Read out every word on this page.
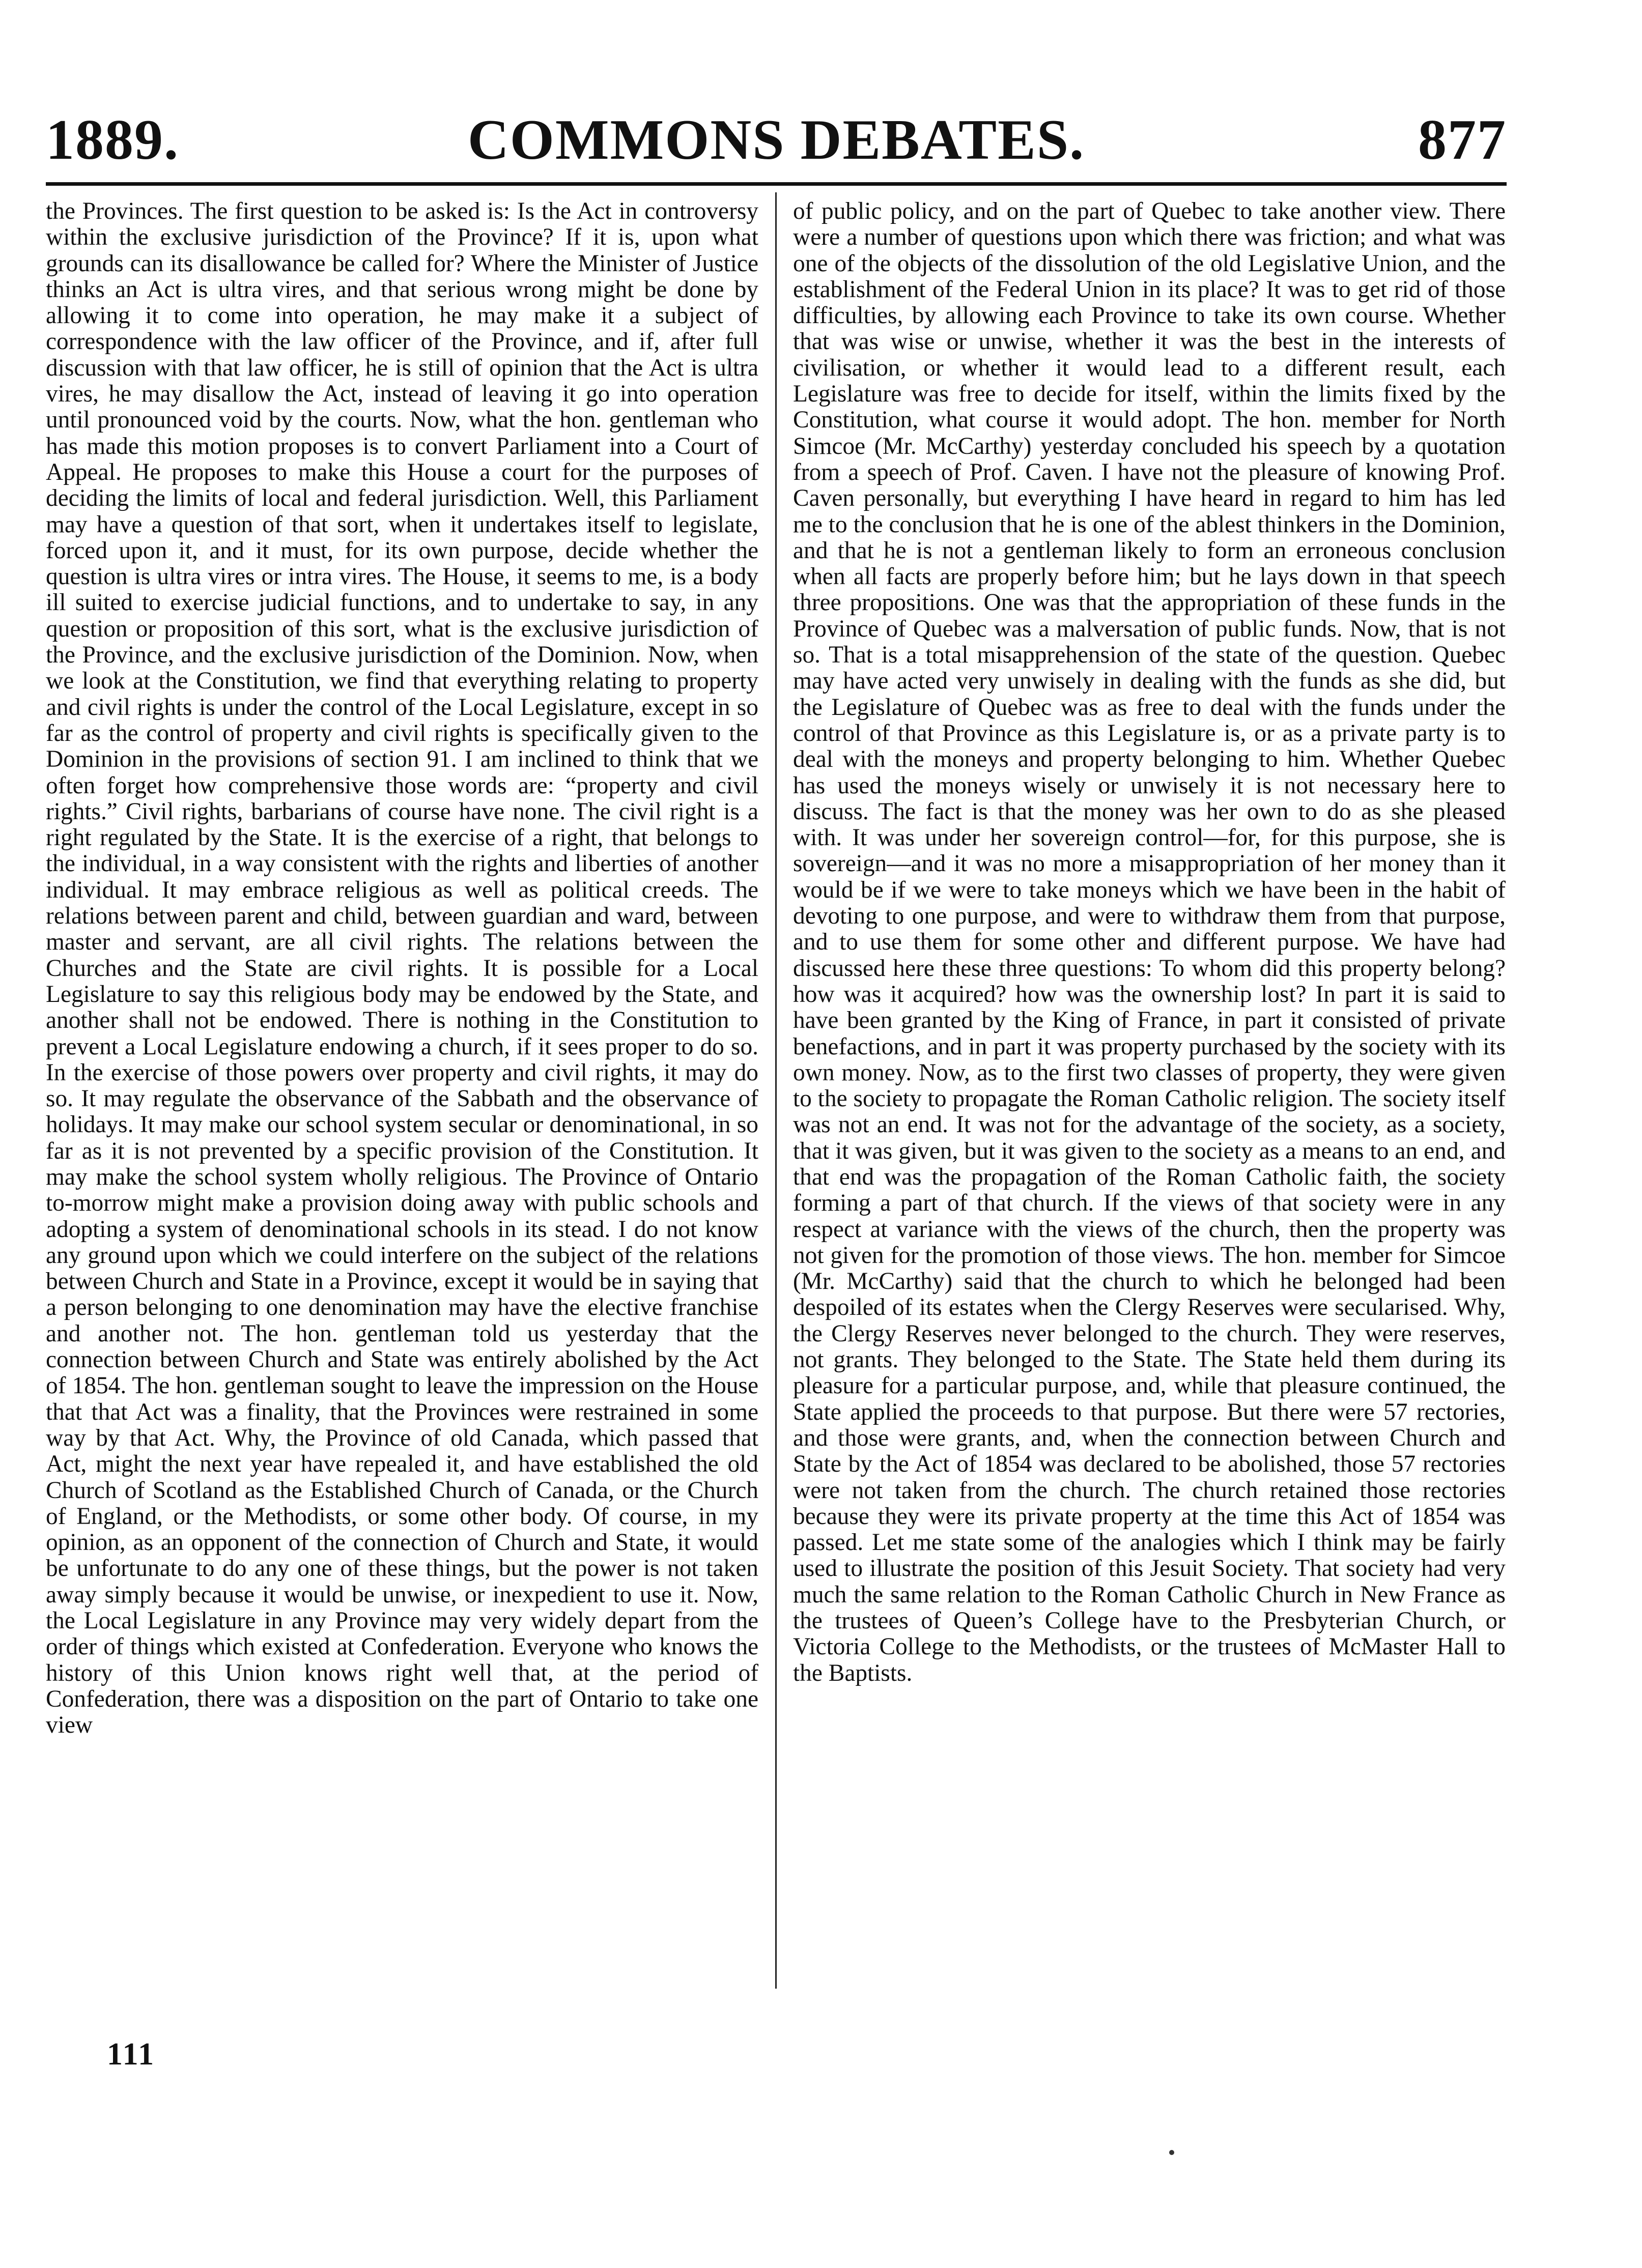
1889.	COMMONS DEBATES.	877

the Provinces. The first question to be asked is: Is the Act in controversy within the exclusive jurisdiction of the Province? If it is, upon what grounds can its disallowance be called for? Where the Minister of Justice thinks an Act is ultra vires, and that serious wrong might be done by allowing it to come into operation, he may make it a subject of correspondence with the law officer of the Province, and if, after full discussion with that law officer, he is still of opinion that the Act is ultra vires, he may disallow the Act, instead of leaving it go into operation until pronounced void by the courts. Now, what the hon. gentleman who has made this motion proposes is to convert Parliament into a Court of Appeal. He proposes to make this House a court for the purposes of deciding the limits of local and federal jurisdiction. Well, this Parliament may have a question of that sort, when it undertakes itself to legislate, forced upon it, and it must, for its own purpose, decide whether the question is ultra vires or intra vires. The House, it seems to me, is a body ill suited to exercise judicial functions, and to undertake to say, in any question or proposition of this sort, what is the exclusive jurisdiction of the Province, and the exclusive jurisdiction of the Dominion. Now, when we look at the Constitution, we find that everything relating to property and civil rights is under the control of the Local Legislature, except in so far as the control of property and civil rights is specifically given to the Dominion in the provisions of section 91. I am inclined to think that we often forget how comprehensive those words are: “property and civil rights.” Civil rights, barbarians of course have none. The civil right is a right regulated by the State. It is the exercise of a right, that belongs to the individual, in a way consistent with the rights and liberties of another individual. It may embrace religious as well as political creeds. The relations between parent and child, between guardian and ward, between master and servant, are all civil rights. The relations between the Churches and the State are civil rights. It is possible for a Local Legislature to say this religious body may be endowed by the State, and another shall not be endowed. There is nothing in the Constitution to prevent a Local Legislature endowing a church, if it sees proper to do so. In the exercise of those powers over property and civil rights, it may do so. It may regulate the observance of the Sabbath and the observance of holidays. It may make our school system secular or denominational, in so far as it is not prevented by a specific provision of the Constitution. It may make the school system wholly religious. The Province of Ontario to-morrow might make a provision doing away with public schools and adopting a system of denominational schools in its stead. I do not know any ground upon which we could interfere on the subject of the relations between Church and State in a Province, except it would be in saying that a person belonging to one denomination may have the elective franchise and another not. The hon. gentleman told us yesterday that the connection between Church and State was entirely abolished by the Act of 1854. The hon. gentleman sought to leave the impression on the House that that Act was a finality, that the Provinces were restrained in some way by that Act. Why, the Province of old Canada, which passed that Act, might the next year have repealed it, and have established the old Church of Scotland as the Established Church of Canada, or the Church of England, or the Methodists, or some other body. Of course, in my opinion, as an opponent of the connection of Church and State, it would be unfortunate to do any one of these things, but the power is not taken away simply because it would be unwise, or inexpedient to use it. Now, the Local Legislature in any Province may very widely depart from the order of things which existed at Confederation. Everyone who knows the history of this Union knows right well that, at the period of Confederation, there was a disposition on the part of Ontario to take one view

of public policy, and on the part of Quebec to take another view. There were a number of questions upon which there was friction; and what was one of the objects of the dissolution of the old Legislative Union, and the establishment of the Federal Union in its place? It was to get rid of those difficulties, by allowing each Province to take its own course. Whether that was wise or unwise, whether it was the best in the interests of civilisation, or whether it would lead to a different result, each Legislature was free to decide for itself, within the limits fixed by the Constitution, what course it would adopt. The hon. member for North Simcoe (Mr. McCarthy) yesterday concluded his speech by a quotation from a speech of Prof. Caven. I have not the pleasure of knowing Prof. Caven personally, but everything I have heard in regard to him has led me to the conclusion that he is one of the ablest thinkers in the Dominion, and that he is not a gentleman likely to form an erroneous conclusion when all facts are properly before him; but he lays down in that speech three propositions. One was that the appropriation of these funds in the Province of Quebec was a malversation of public funds. Now, that is not so. That is a total misapprehension of the state of the question. Quebec may have acted very unwisely in dealing with the funds as she did, but the Legislature of Quebec was as free to deal with the funds under the control of that Province as this Legislature is, or as a private party is to deal with the moneys and property belonging to him. Whether Quebec has used the moneys wisely or unwisely it is not necessary here to discuss. The fact is that the money was her own to do as she pleased with. It was under her sovereign control—for, for this purpose, she is sovereign—and it was no more a misappropriation of her money than it would be if we were to take moneys which we have been in the habit of devoting to one purpose, and were to withdraw them from that purpose, and to use them for some other and different purpose. We have had discussed here these three questions: To whom did this property belong? how was it acquired? how was the ownership lost? In part it is said to have been granted by the King of France, in part it consisted of private benefactions, and in part it was property purchased by the society with its own money. Now, as to the first two classes of property, they were given to the society to propagate the Roman Catholic religion. The society itself was not an end. It was not for the advantage of the society, as a society, that it was given, but it was given to the society as a means to an end, and that end was the propagation of the Roman Catholic faith, the society forming a part of that church. If the views of that society were in any respect at variance with the views of the church, then the property was not given for the promotion of those views. The hon. member for Simcoe (Mr. McCarthy) said that the church to which he belonged had been despoiled of its estates when the Clergy Reserves were secularised. Why, the Clergy Reserves never belonged to the church. They were reserves, not grants. They belonged to the State. The State held them during its pleasure for a particular purpose, and, while that pleasure continued, the State applied the proceeds to that purpose. But there were 57 rectories, and those were grants, and, when the connection between Church and State by the Act of 1854 was declared to be abolished, those 57 rectories were not taken from the church. The church retained those rectories because they were its private property at the time this Act of 1854 was passed. Let me state some of the analogies which I think may be fairly used to illustrate the position of this Jesuit Society. That society had very much the same relation to the Roman Catholic Church in New France as the trustees of Queen’s College have to the Presbyterian Church, or Victoria College to the Methodists, or the trustees of McMaster Hall to the Baptists.

111
